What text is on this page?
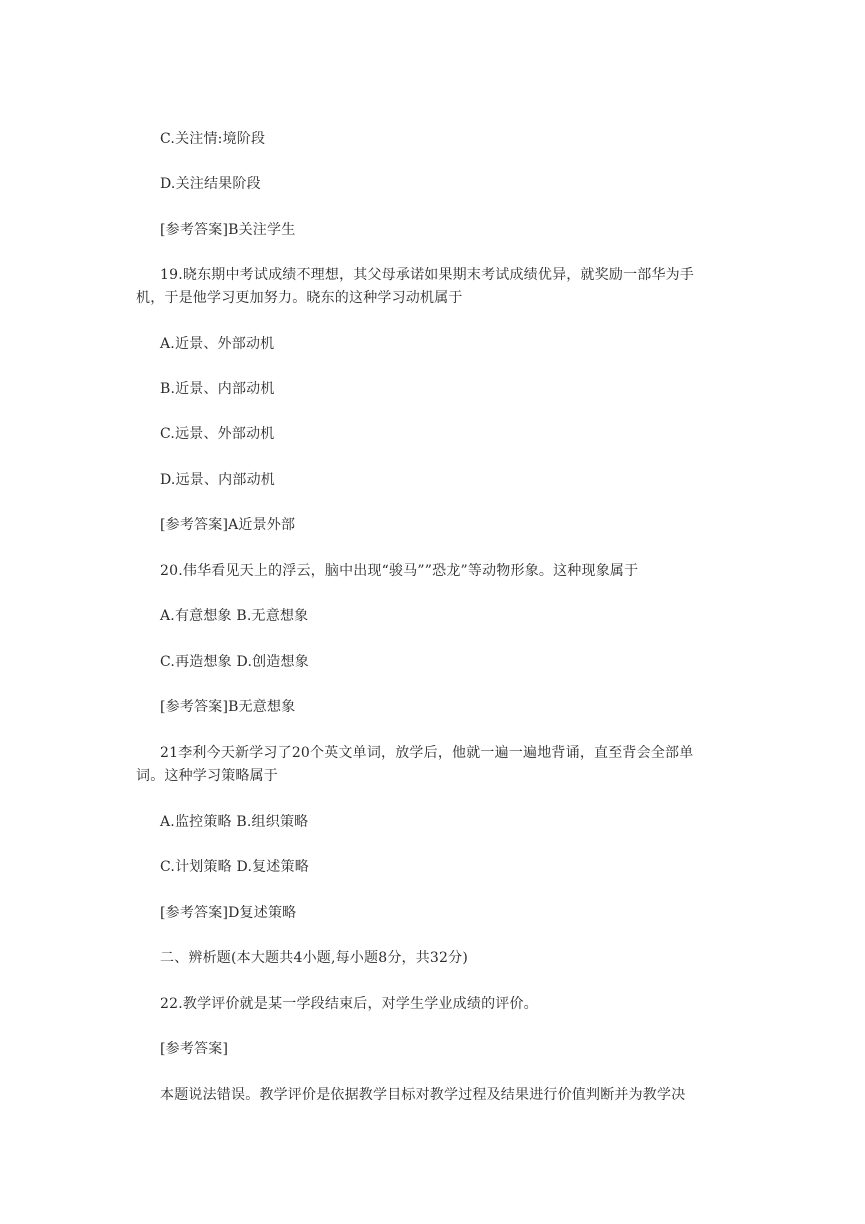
C.关注情:境阶段
D.关注结果阶段
[参考答案]B关注学生
19.晓东期中考试成绩不理想，其父母承诺如果期末考试成绩优异，就奖励一部华为手
机，于是他学习更加努力。晓东的这种学习动机属于
A.近景、外部动机
B.近景、内部动机
C.远景、外部动机
D.远景、内部动机
[参考答案]A近景外部
20.伟华看见天上的浮云，脑中出现“骏马””恐龙”等动物形象。这种现象属于
A.有意想象 B.无意想象
C.再造想象 D.创造想象
[参考答案]B无意想象
21李利今天新学习了20个英文单词，放学后，他就一遍一遍地背诵，直至背会全部单
词。这种学习策略属于
A.监控策略 B.组织策略
C.计划策略 D.复述策略
[参考答案]D复述策略
二、辨析题(本大题共4小题,每小题8分，共32分)
22.教学评价就是某一学段结束后，对学生学业成绩的评价。
[参考答案]
本题说法错误。教学评价是依据教学目标对教学过程及结果进行价值判断并为教学决
